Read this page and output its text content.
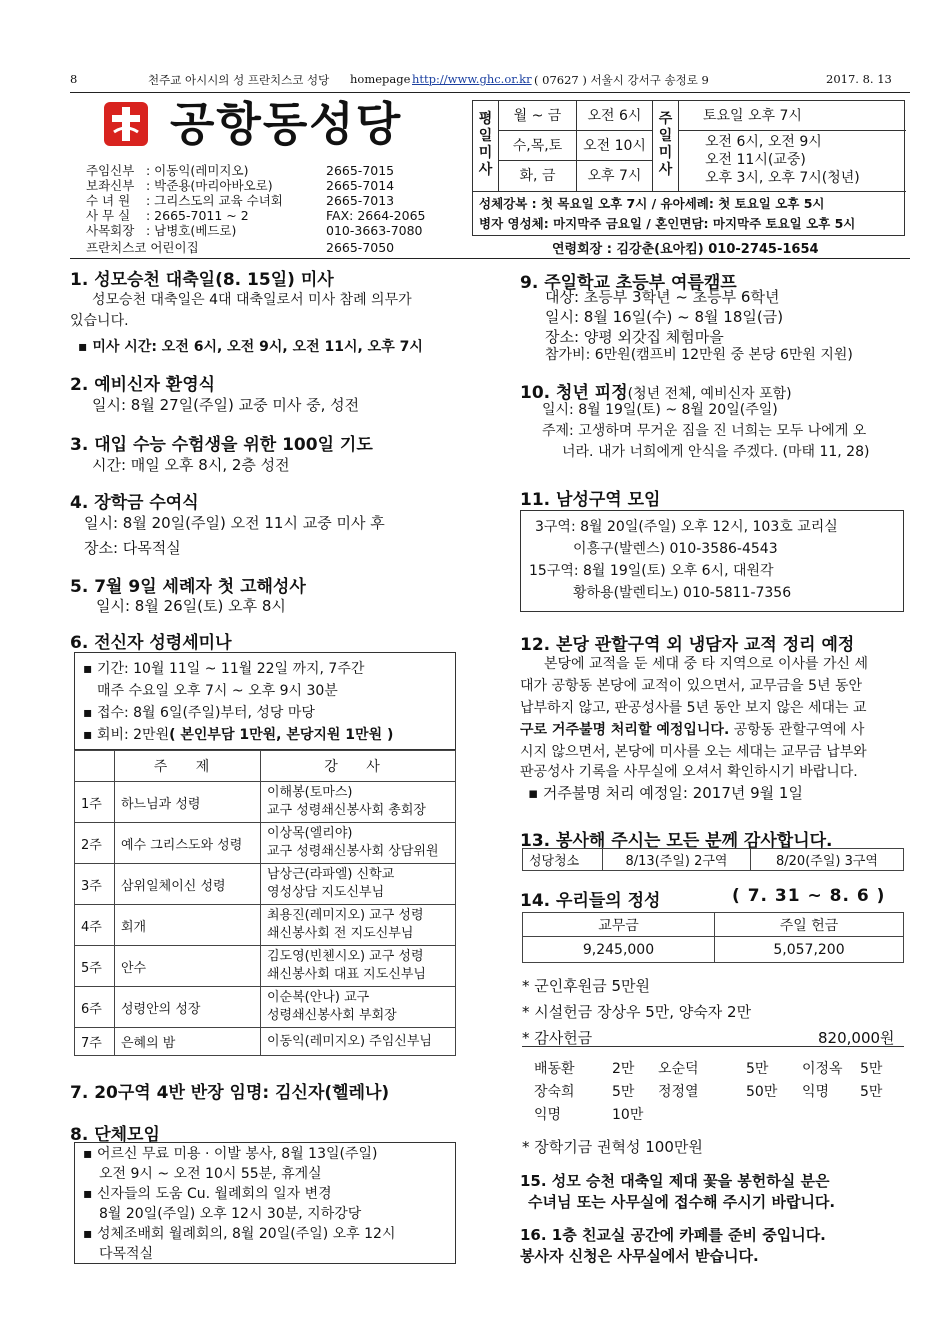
8	천주교 아시시의 성 프란치스코 성당 homepage http://www.ghc.or.kr ( 07627 ) 서울시 강서구 송정로 9	2017. 8. 13
공항동성당
주임신부 : 이동익(레미지오)	2665-7015
보좌신부 : 박준용(마리아바오로)	2665-7014
수 녀 원 : 그리스도의 교육 수녀회	2665-7013
사 무 실 : 2665-7011 ~ 2	FAX: 2664-2065
사목회장 : 남병호(베드로)	010-3663-7080
프란치스코 어린이집	2665-7050
평
일
미
사
월 ~ 금	오전 6시
수,목,토	오전 10시
화, 금	오후 7시
주
일
미
사
토요일 오후 7시
오전 6시, 오전 9시
오전 11시(교중)
오후 3시, 오후 7시(청년)
성체강복 : 첫 목요일 오후 7시 / 유아세례: 첫 토요일 오후 5시
병자 영성체: 마지막주 금요일 / 혼인면담: 마지막주 토요일 오후 5시
연령회장 : 김강춘(요아킴) 010-2745-1654
1. 성모승천 대축일(8. 15일) 미사
성모승천 대축일은 4대 대축일로서 미사 참례 의무가
있습니다.
▪ 미사 시간: 오전 6시, 오전 9시, 오전 11시, 오후 7시
2. 예비신자 환영식
일시: 8월 27일(주일) 교중 미사 중, 성전
3. 대입 수능 수험생을 위한 100일 기도
시간: 매일 오후 8시, 2층 성전
4. 장학금 수여식
일시: 8월 20일(주일) 오전 11시 교중 미사 후
장소: 다목적실
5. 7월 9일 세례자 첫 고해성사
일시: 8월 26일(토) 오후 8시
6. 전신자 성령세미나
▪ 기간: 10월 11일 ~ 11월 22일 까지, 7주간
매주 수요일 오후 7시 ~ 오후 9시 30분
▪ 접수: 8월 6일(주일)부터, 성당 마당
▪ 회비: 2만원( 본인부담 1만원, 본당지원 1만원 )
	주 제	강 사
1주	하느님과 성령	이해봉(토마스)
교구 성령쇄신봉사회 총회장

2주	예수 그리스도와 성령	이상목(엘리야)
교구 성령쇄신봉사회 상담위원

3주	삼위일체이신 성령	남상근(라파엘) 신학교
영성상담 지도신부님

4주	회개	최용진(레미지오) 교구 성령
쇄신봉사회 전 지도신부님

5주	안수	김도영(빈첸시오) 교구 성령
쇄신봉사회 대표 지도신부님

6주	성령안의 성장	이순복(안나) 교구
성령쇄신봉사회 부회장

7주	은혜의 밤	이동익(레미지오) 주임신부님
7. 20구역 4반 반장 임명: 김신자(헬레나)
8. 단체모임
▪ 어르신 무료 미용 · 이발 봉사, 8월 13일(주일)
오전 9시 ~ 오전 10시 55분, 휴게실
▪ 신자들의 도움 Cu. 월례회의 일자 변경
8월 20일(주일) 오후 12시 30분, 지하강당
▪ 성체조배회 월례회의, 8월 20일(주일) 오후 12시
다목적실
9. 주일학교 초등부 여름캠프
대상: 초등부 3학년 ~ 초등부 6학년
일시: 8월 16일(수) ~ 8월 18일(금)
장소: 양평 외갓집 체험마을
참가비: 6만원(캠프비 12만원 중 본당 6만원 지원)
10. 청년 피정(청년 전체, 예비신자 포함)
일시: 8월 19일(토) ~ 8월 20일(주일)
주제: 고생하며 무거운 짐을 진 너희는 모두 나에게 오
너라. 내가 너희에게 안식을 주겠다. (마태 11, 28)
11. 남성구역 모임
3구역: 8월 20일(주일) 오후 12시, 103호 교리실
이흥구(발렌스) 010-3586-4543
15구역: 8월 19일(토) 오후 6시, 대원각
황하용(발렌티노) 010-5811-7356
12. 본당 관할구역 외 냉담자 교적 정리 예정
본당에 교적을 둔 세대 중 타 지역으로 이사를 가신 세
대가 공항동 본당에 교적이 있으면서, 교무금을 5년 동안
납부하지 않고, 판공성사를 5년 동안 보지 않은 세대는 교
구로 거주불명 처리할 예정입니다. 공항동 관할구역에 사
시지 않으면서, 본당에 미사를 오는 세대는 교무금 납부와
판공성사 기록을 사무실에 오셔서 확인하시기 바랍니다.
▪ 거주불명 처리 예정일: 2017년 9월 1일
13. 봉사해 주시는 모든 분께 감사합니다.
성당청소	8/13(주일) 2구역	8/20(주일) 3구역
14. 우리들의 정성	( 7. 31 ~ 8. 6 )
교무금	주일 헌금
9,245,000	5,057,200
* 군인후원금 5만원
* 시설헌금 장상우 5만, 양숙자 2만
* 감사헌금	820,000원
배동환	2만 오순덕	5만 이정옥 5만
장숙희	5만 정정열	50만 익명 5만
익명	10만
* 장학기금 권혁성 100만원
15. 성모 승천 대축일 제대 꽃을 봉헌하실 분은
수녀님 또는 사무실에 접수해 주시기 바랍니다.
16. 1층 친교실 공간에 카페를 준비 중입니다.
봉사자 신청은 사무실에서 받습니다.
